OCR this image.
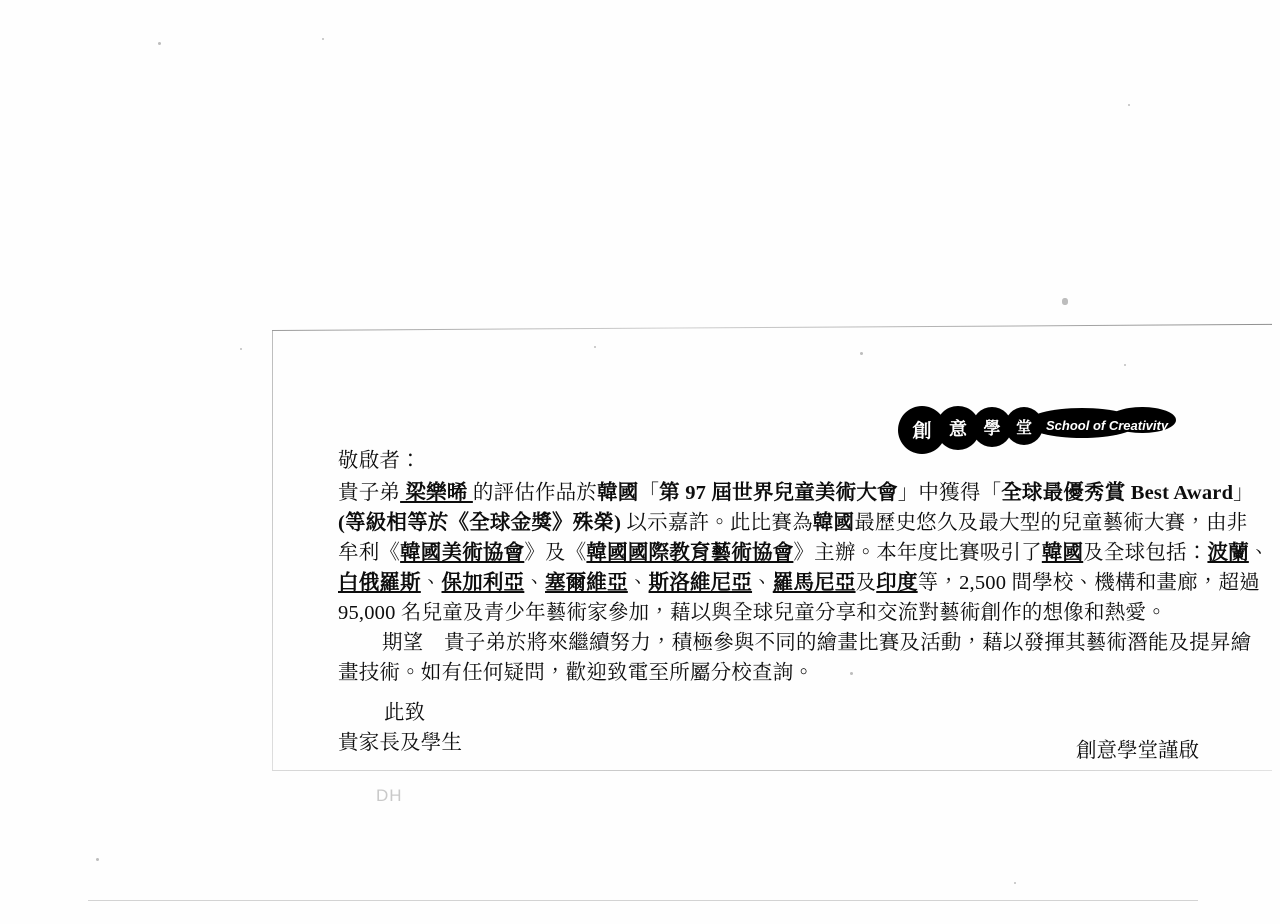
創 意 學 堂 School of Creativity
敬啟者：
貴子弟 梁樂晞 的評估作品於韓國「第 97 屆世界兒童美術大會」中獲得「全球最優秀賞 Best Award」
(等級相等於《全球金獎》殊榮) 以示嘉許。此比賽為韓國最歷史悠久及最大型的兒童藝術大賽，由非
牟利《韓國美術協會》及《韓國國際教育藝術協會》主辦。本年度比賽吸引了韓國及全球包括：波蘭、
白俄羅斯、保加利亞、塞爾維亞、斯洛維尼亞、羅馬尼亞及印度等，2,500 間學校、機構和畫廊，超過
95,000 名兒童及青少年藝術家參加，藉以與全球兒童分享和交流對藝術創作的想像和熱愛。
期望　貴子弟於將來繼續努力，積極參與不同的繪畫比賽及活動，藉以發揮其藝術潛能及提昇繪
畫技術。如有任何疑問，歡迎致電至所屬分校查詢。
此致
貴家長及學生	創意學堂謹啟
DH
